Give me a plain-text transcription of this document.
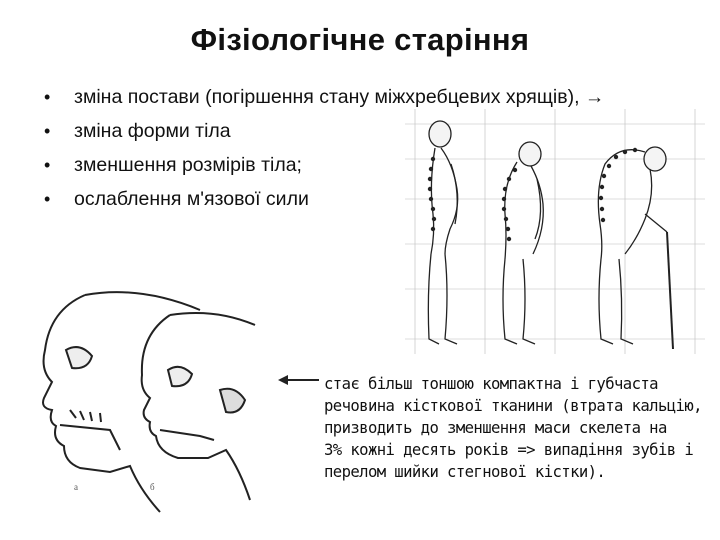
Фізіологічне старіння
• зміна постави (погіршення стану міжхребцевих хрящів), →
• зміна форми тіла
• зменшення розмірів тіла;
• ослаблення м'язової сили
a	б
стає більш тоншою компактна і губчаста
речовина кісткової тканини (втрата кальцію,
призводить до зменшення маси скелета на
3% кожні десять років => випадіння зубів і
перелом шийки стегнової кістки).
